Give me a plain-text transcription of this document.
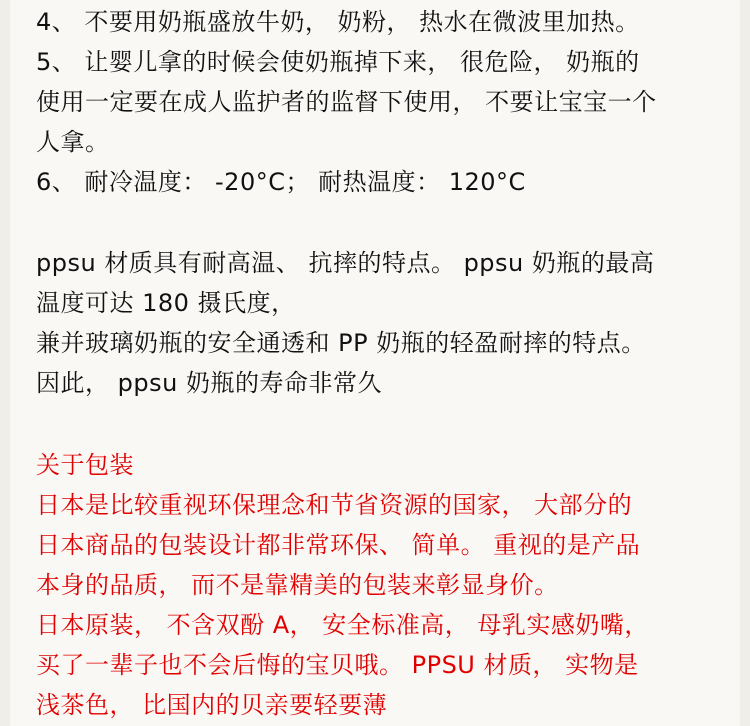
4、 不要用奶瓶盛放牛奶， 奶粉， 热水在微波里加热。
5、 让婴儿拿的时候会使奶瓶掉下来， 很危险， 奶瓶的
使用一定要在成人监护者的监督下使用， 不要让宝宝一个
人拿。
6、 耐冷温度： -20°C； 耐热温度： 120°C
ppsu 材质具有耐高温、 抗摔的特点。 ppsu 奶瓶的最高
温度可达 180 摄氏度，
兼并玻璃奶瓶的安全通透和 PP 奶瓶的轻盈耐摔的特点。
因此， ppsu 奶瓶的寿命非常久
关于包装
日本是比较重视环保理念和节省资源的国家， 大部分的
日本商品的包装设计都非常环保、 简单。 重视的是产品
本身的品质， 而不是靠精美的包装来彰显身价。
日本原装， 不含双酚 A， 安全标准高， 母乳实感奶嘴，
买了一辈子也不会后悔的宝贝哦。 PPSU 材质， 实物是
浅茶色， 比国内的贝亲要轻要薄
